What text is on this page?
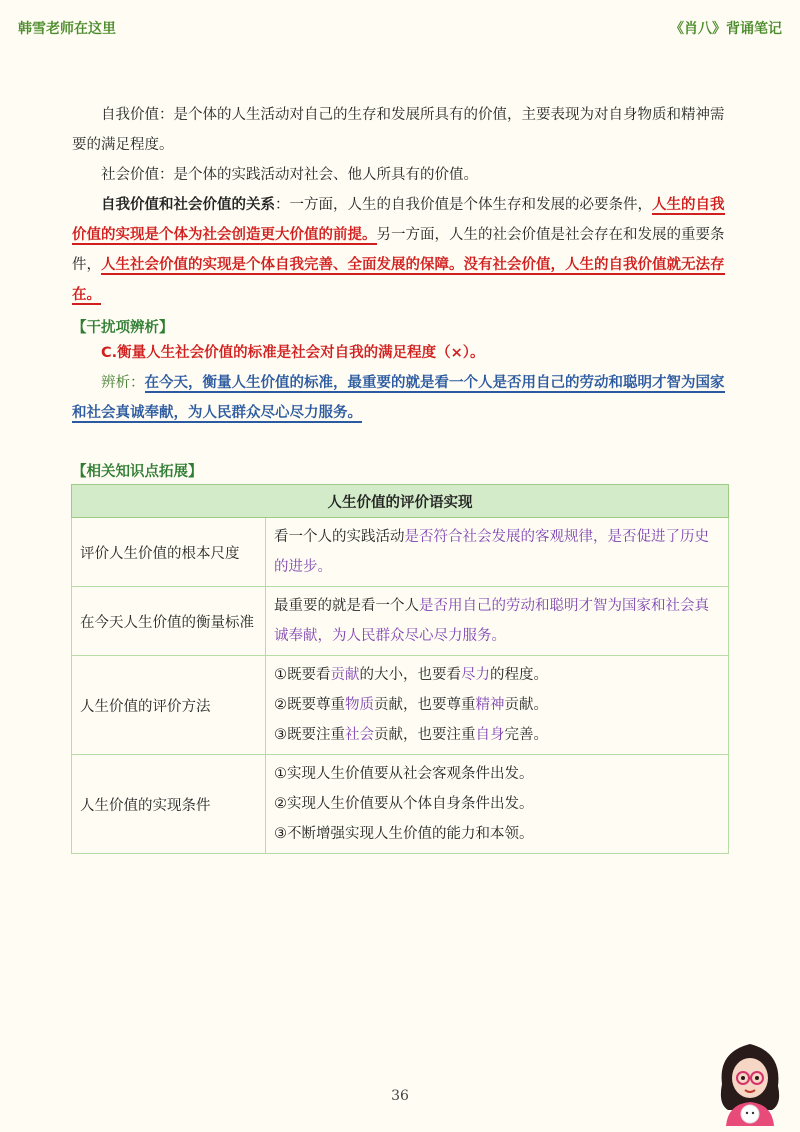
韩雪老师在这里	《肖八》背诵笔记
自我价值：是个体的人生活动对自己的生存和发展所具有的价值，主要表现为对自身物质和精神需要的满足程度。
社会价值：是个体的实践活动对社会、他人所具有的价值。
自我价值和社会价值的关系：一方面，人生的自我价值是个体生存和发展的必要条件，人生的自我价值的实现是个体为社会创造更大价值的前提。另一方面，人生的社会价值是社会存在和发展的重要条件，人生社会价值的实现是个体自我完善、全面发展的保障。没有社会价值，人生的自我价值就无法存在。
【干扰项辨析】
C.衡量人生社会价值的标准是社会对自我的满足程度（×）。
辨析：在今天，衡量人生价值的标准，最重要的就是看一个人是否用自己的劳动和聪明才智为国家和社会真诚奉献，为人民群众尽心尽力服务。
【相关知识点拓展】
人生价值的评价语实现	
评价人生价值的根本尺度	看一个人的实践活动是否符合社会发展的客观规律，是否促进了历史的进步。
在今天人生价值的衡量标准	最重要的就是看一个人是否用自己的劳动和聪明才智为国家和社会真诚奉献，为人民群众尽心尽力服务。
人生价值的评价方法	①既要看贡献的大小，也要看尽力的程度。
②既要尊重物质贡献，也要尊重精神贡献。
③既要注重社会贡献，也要注重自身完善。

人生价值的实现条件	①实现人生价值要从社会客观条件出发。
②实现人生价值要从个体自身条件出发。
③不断增强实现人生价值的能力和本领。
36
